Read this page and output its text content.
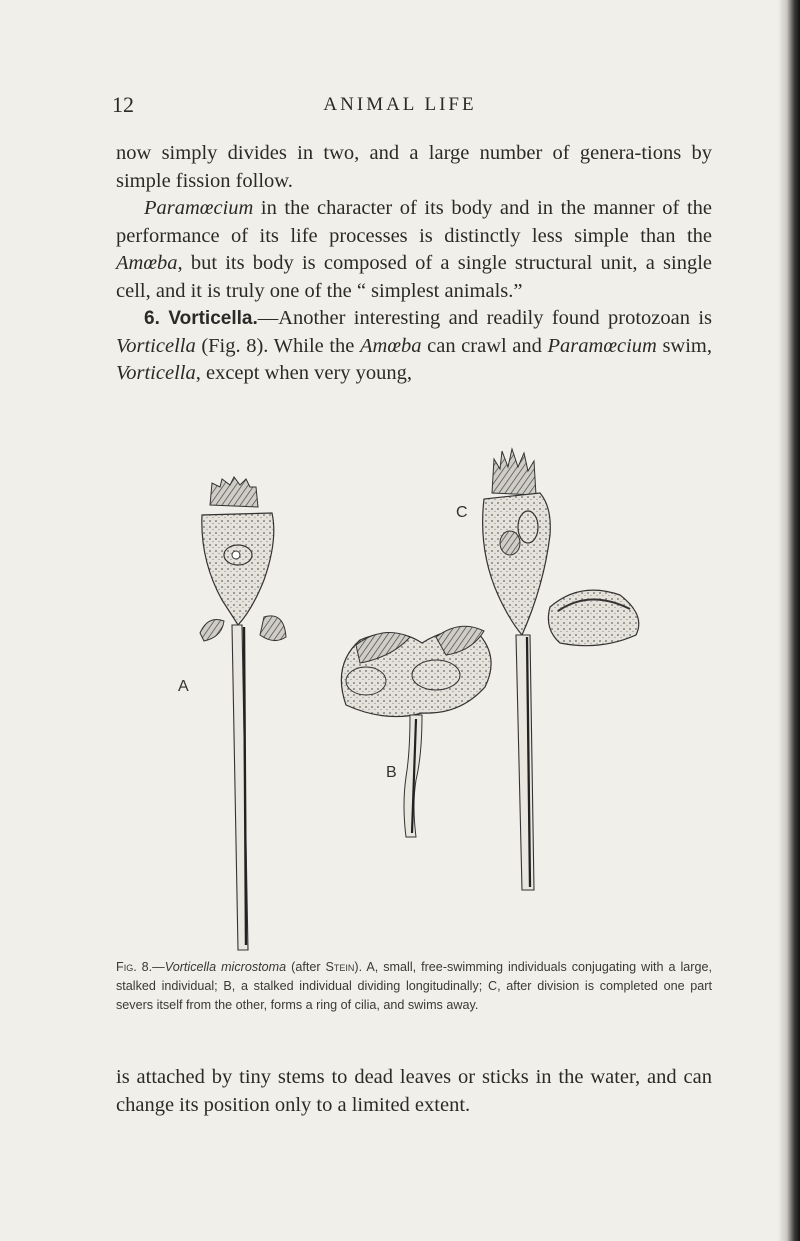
12	ANIMAL LIFE

now simply divides in two, and a large number of genera-tions by simple fission follow.

Paramœcium in the character of its body and in the manner of the performance of its life processes is distinctly less simple than the Amœba, but its body is composed of a single structural unit, a single cell, and it is truly one of the “ simplest animals.”

6. Vorticella.—Another interesting and readily found protozoan is Vorticella (Fig. 8). While the Amœba can crawl and Paramœcium swim, Vorticella, except when very young,

A
B
C

Fig. 8.—Vorticella microstoma (after Stein). A, small, free-swimming individuals conjugating with a large, stalked individual; B, a stalked individual dividing longitudinally; C, after division is completed one part severs itself from the other, forms a ring of cilia, and swims away.

is attached by tiny stems to dead leaves or sticks in the water, and can change its position only to a limited extent.
